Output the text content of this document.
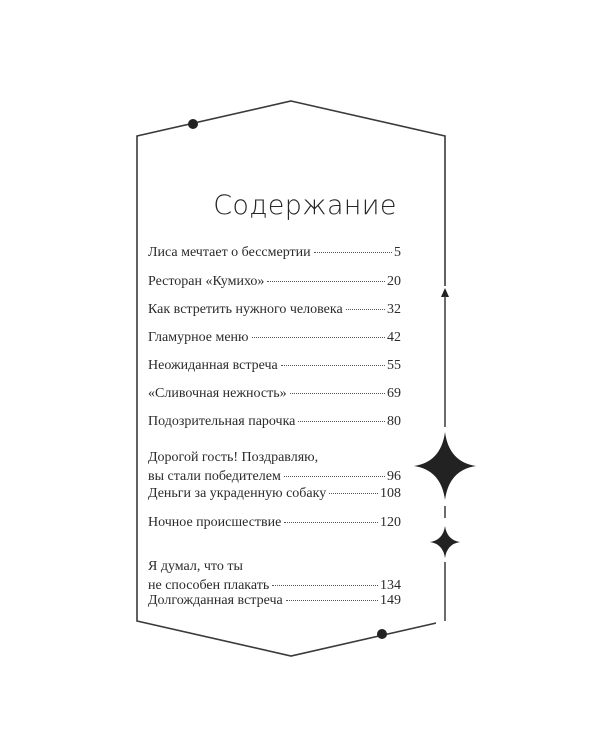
Содержание
Лиса мечтает о бессмертии	5
Ресторан «Кумихо»	20
Как встретить нужного человека	32
Гламурное меню	42
Неожиданная встреча	55
«Сливочная нежность»	69
Подозрительная парочка	80
Дорогой гость! Поздравляю,
вы стали победителем	96
Деньги за украденную собаку	108
Ночное происшествие	120
Я думал, что ты
не способен плакать	134
Долгожданная встреча	149
